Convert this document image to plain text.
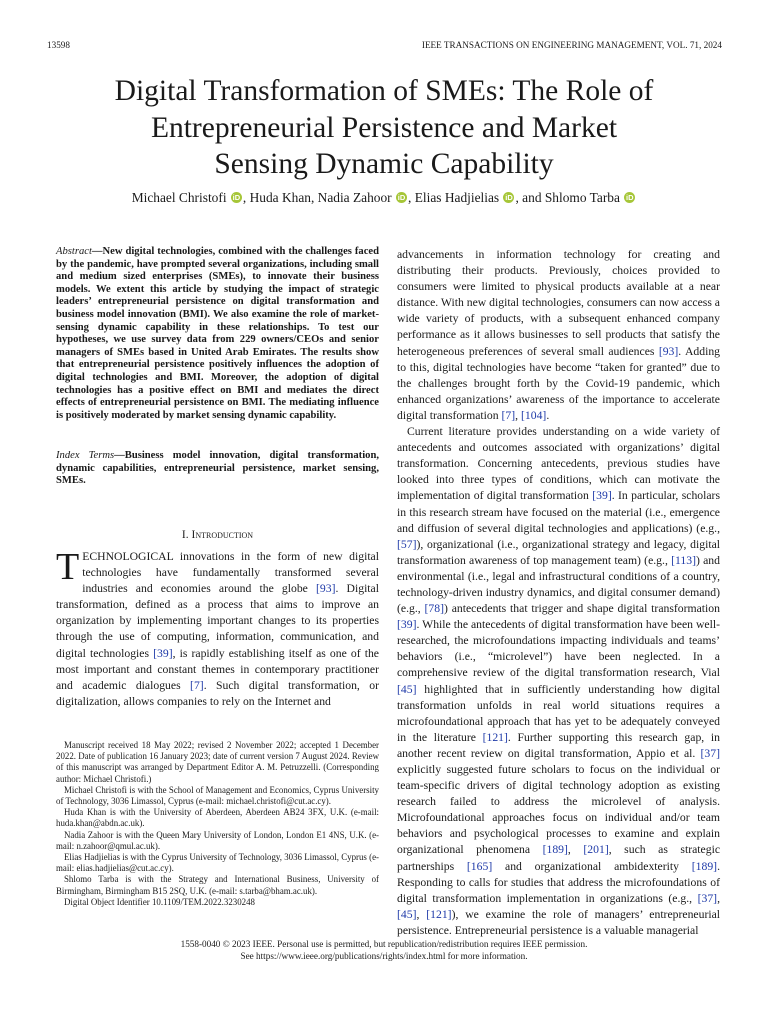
13598	IEEE TRANSACTIONS ON ENGINEERING MANAGEMENT, VOL. 71, 2024
Digital Transformation of SMEs: The Role of
Entrepreneurial Persistence and Market
Sensing Dynamic Capability
Michael Christofi iD , Huda Khan, Nadia Zahoor iD , Elias Hadjielias iD , and Shlomo Tarba iD
Abstract—New digital technologies, combined with the challenges faced by the pandemic, have prompted several organizations, including small and medium sized enterprises (SMEs), to innovate their business models. We extent this article by studying the impact of strategic leaders’ entrepreneurial persistence on digital transformation and business model innovation (BMI). We also examine the role of market-sensing dynamic capability in these relationships. To test our hypotheses, we use survey data from 229 owners/CEOs and senior managers of SMEs based in United Arab Emirates. The results show that entrepreneurial persistence positively influences the adoption of digital technologies and BMI. Moreover, the adoption of digital technologies has a positive effect on BMI and mediates the direct effects of entrepreneurial persistence on BMI. The mediating influence is positively moderated by market sensing dynamic capability.
Index Terms—Business model innovation, digital transformation, dynamic capabilities, entrepreneurial persistence, market sensing, SMEs.
I. Introduction
TECHNOLOGICAL innovations in the form of new digital technologies have fundamentally transformed several industries and economies around the globe [93]. Digital transformation, defined as a process that aims to improve an organization by implementing important changes to its properties through the use of computing, information, communication, and digital technologies [39], is rapidly establishing itself as one of the most important and constant themes in contemporary practitioner and academic dialogues [7]. Such digital transformation, or digitalization, allows companies to rely on the Internet and

Manuscript received 18 May 2022; revised 2 November 2022; accepted 1 December 2022. Date of publication 16 January 2023; date of current version 7 August 2024. Review of this manuscript was arranged by Department Editor A. M. Petruzzelli. (Corresponding author: Michael Christofi.)

Michael Christofi is with the School of Management and Economics, Cyprus University of Technology, 3036 Limassol, Cyprus (e-mail: michael.christofi@cut.ac.cy).

Huda Khan is with the University of Aberdeen, Aberdeen AB24 3FX, U.K. (e-mail: huda.khan@abdn.ac.uk).

Nadia Zahoor is with the Queen Mary University of London, London E1 4NS, U.K. (e-mail: n.zahoor@qmul.ac.uk).

Elias Hadjielias is with the Cyprus University of Technology, 3036 Limassol, Cyprus (e-mail: elias.hadjielias@cut.ac.cy).

Shlomo Tarba is with the Strategy and International Business, University of Birmingham, Birmingham B15 2SQ, U.K. (e-mail: s.tarba@bham.ac.uk).

Digital Object Identifier 10.1109/TEM.2022.3230248

advancements in information technology for creating and distributing their products. Previously, choices provided to consumers were limited to physical products available at a near distance. With new digital technologies, consumers can now access a wide variety of products, with a subsequent enhanced company performance as it allows businesses to sell products that satisfy the heterogeneous preferences of several small audiences [93]. Adding to this, digital technologies have become “taken for granted” due to the challenges brought forth by the Covid-19 pandemic, which enhanced organizations’ awareness of the importance to accelerate digital transformation [7], [104].

Current literature provides understanding on a wide variety of antecedents and outcomes associated with organizations’ digital transformation. Concerning antecedents, previous studies have looked into three types of conditions, which can motivate the implementation of digital transformation [39]. In particular, scholars in this research stream have focused on the material (i.e., emergence and diffusion of several digital technologies and applications) (e.g., [57]), organizational (i.e., organizational strategy and legacy, digital transformation awareness of top management team) (e.g., [113]) and environmental (i.e., legal and infrastructural conditions of a country, technology-driven industry dynamics, and digital consumer demand) (e.g., [78]) antecedents that trigger and shape digital transformation [39]. While the antecedents of digital transformation have been well-researched, the microfoundations impacting individuals and teams’ behaviors (i.e., “microlevel”) have been neglected. In a comprehensive review of the digital transformation research, Vial [45] highlighted that in sufficiently understanding how digital transformation unfolds in real world situations requires a microfoundational approach that has yet to be adequately conveyed in the literature [121]. Further supporting this research gap, in another recent review on digital transformation, Appio et al. [37] explicitly suggested future scholars to focus on the individual or team-specific drivers of digital technology adoption as existing research failed to address the microlevel of analysis. Microfoundational approaches focus on individual and/or team behaviors and psychological processes to examine and explain organizational phenomena [189], [201], such as strategic partnerships [165] and organizational ambidexterity [189]. Responding to calls for studies that address the microfoundations of digital transformation implementation in organizations (e.g., [37], [45], [121]), we examine the role of managers’ entrepreneurial persistence. Entrepreneurial persistence is a valuable managerial

1558-0040 © 2023 IEEE. Personal use is permitted, but republication/redistribution requires IEEE permission.
See https://www.ieee.org/publications/rights/index.html for more information.
